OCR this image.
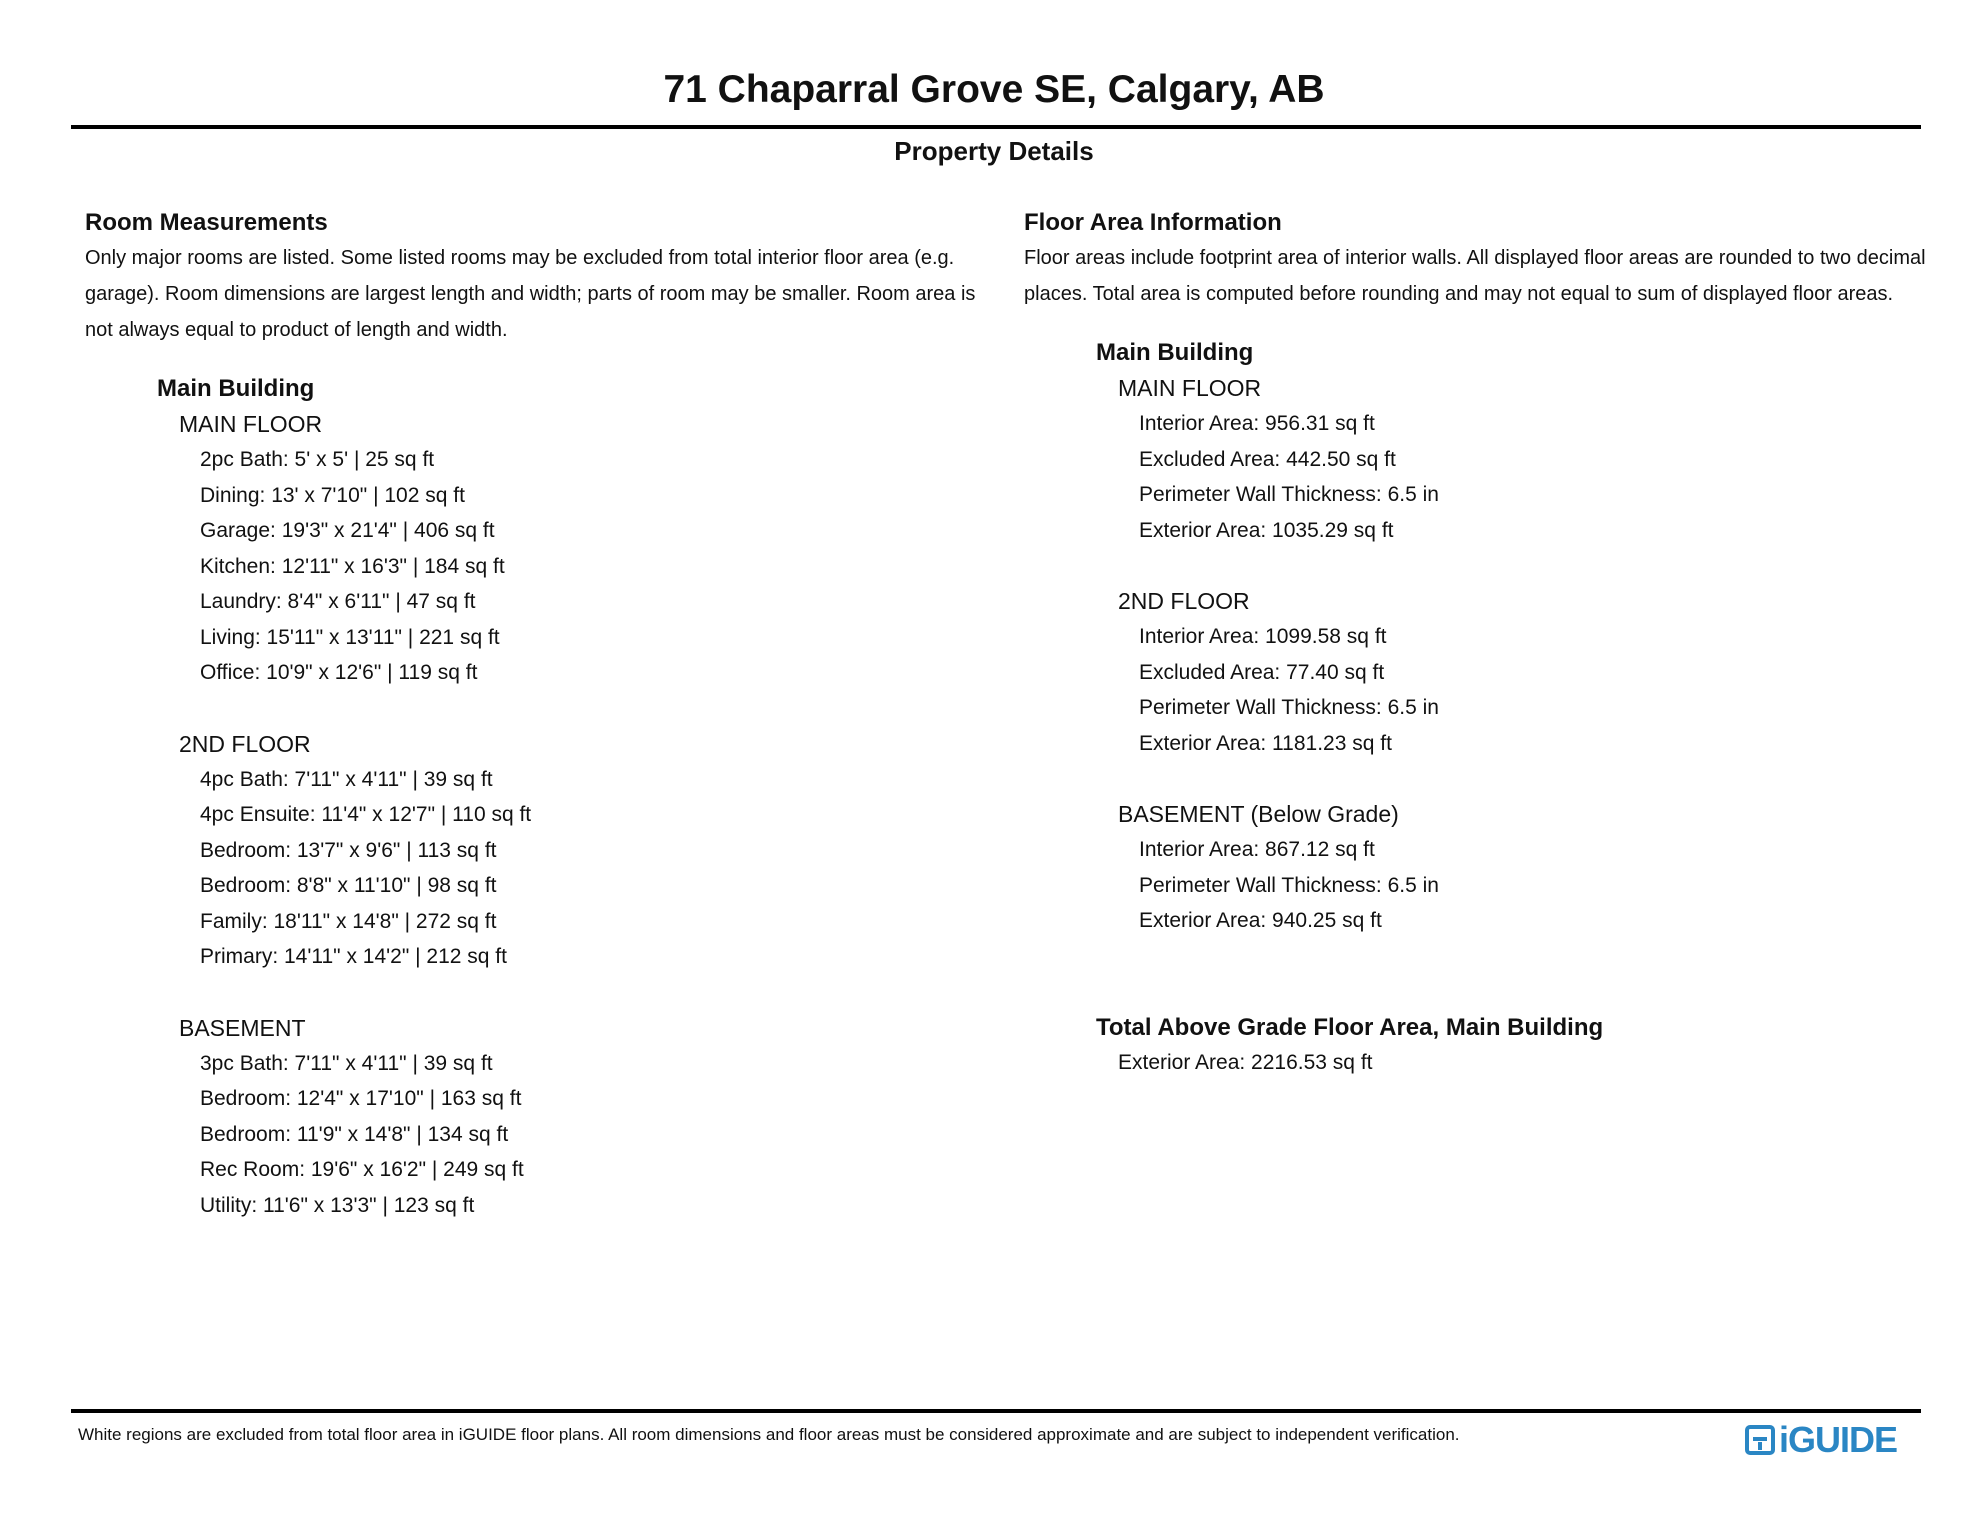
71 Chaparral Grove SE, Calgary, AB
Property Details

Room Measurements

Only major rooms are listed. Some listed rooms may be excluded from total interior floor area (e.g. garage). Room dimensions are largest length and width; parts of room may be smaller. Room area is not always equal to product of length and width.

Main Building
MAIN FLOOR
2pc Bath: 5' x 5' | 25 sq ft
Dining: 13' x 7'10" | 102 sq ft
Garage: 19'3" x 21'4" | 406 sq ft
Kitchen: 12'11" x 16'3" | 184 sq ft
Laundry: 8'4" x 6'11" | 47 sq ft
Living: 15'11" x 13'11" | 221 sq ft
Office: 10'9" x 12'6" | 119 sq ft
2ND FLOOR
4pc Bath: 7'11" x 4'11" | 39 sq ft
4pc Ensuite: 11'4" x 12'7" | 110 sq ft
Bedroom: 13'7" x 9'6" | 113 sq ft
Bedroom: 8'8" x 11'10" | 98 sq ft
Family: 18'11" x 14'8" | 272 sq ft
Primary: 14'11" x 14'2" | 212 sq ft
BASEMENT
3pc Bath: 7'11" x 4'11" | 39 sq ft
Bedroom: 12'4" x 17'10" | 163 sq ft
Bedroom: 11'9" x 14'8" | 134 sq ft
Rec Room: 19'6" x 16'2" | 249 sq ft
Utility: 11'6" x 13'3" | 123 sq ft

Floor Area Information

Floor areas include footprint area of interior walls. All displayed floor areas are rounded to two decimal places. Total area is computed before rounding and may not equal to sum of displayed floor areas.

Main Building
MAIN FLOOR
Interior Area: 956.31 sq ft
Excluded Area: 442.50 sq ft
Perimeter Wall Thickness: 6.5 in
Exterior Area: 1035.29 sq ft
2ND FLOOR
Interior Area: 1099.58 sq ft
Excluded Area: 77.40 sq ft
Perimeter Wall Thickness: 6.5 in
Exterior Area: 1181.23 sq ft
BASEMENT (Below Grade)
Interior Area: 867.12 sq ft
Perimeter Wall Thickness: 6.5 in
Exterior Area: 940.25 sq ft
Total Above Grade Floor Area, Main Building
Exterior Area: 2216.53 sq ft
White regions are excluded from total floor area in iGUIDE floor plans. All room dimensions and floor areas must be considered approximate and are subject to independent verification.	iGUIDE
